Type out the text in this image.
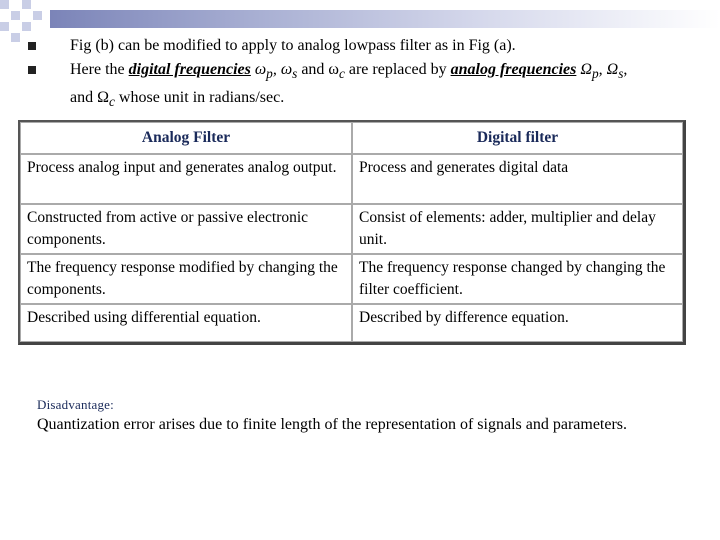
Fig (b) can be modified to apply to analog lowpass filter as in Fig (a).
Here the digital frequencies $\omega_p$, $\omega_s$ and $\omega_c$ are replaced by analog frequencies $\Omega_p$, $\Omega_s$,
and $\Omega_c$ whose unit in radians/sec.
Analog Filter	Digital filter
Process analog input and generates analog output.	Process and generates digital data
Constructed from active or passive electronic components.	Consist of elements: adder, multiplier and delay unit.
The frequency response modified by changing the components.	The frequency response changed by changing the filter coefficient.
Described using differential equation.	Described by difference equation.
Disadvantage:
Quantization error arises due to finite length of the representation of signals and parameters.
